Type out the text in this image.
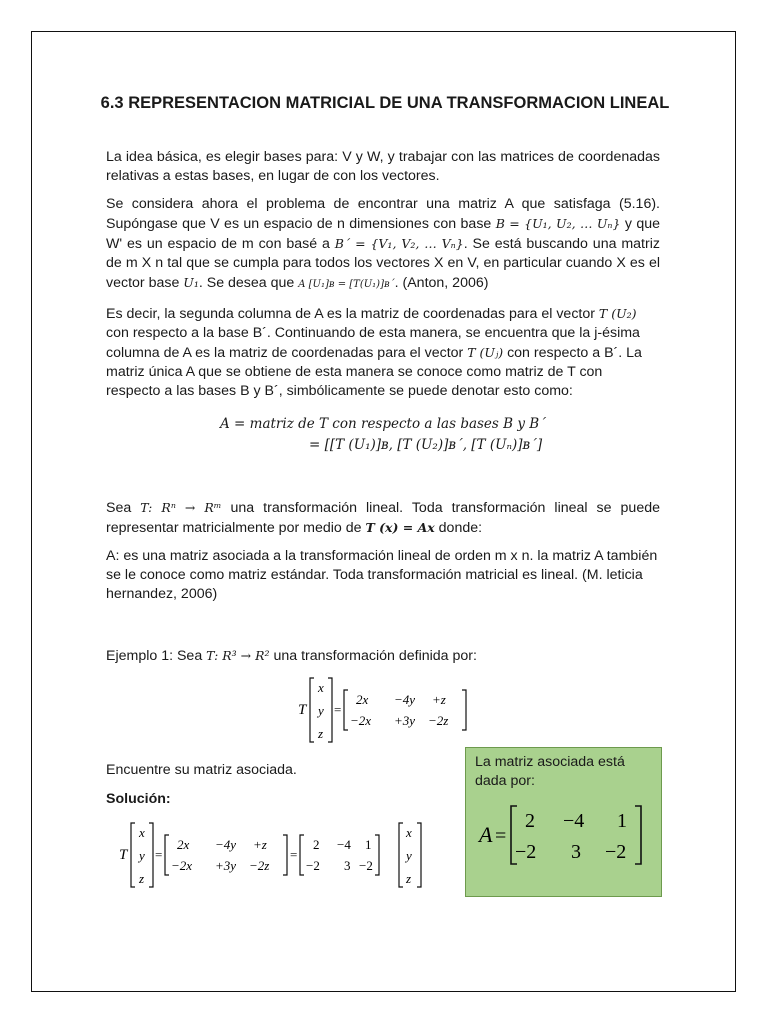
6.3 REPRESENTACION MATRICIAL DE UNA TRANSFORMACION LINEAL

La idea básica, es elegir bases para: V y W, y trabajar con las matrices de coordenadas relativas a estas bases, en lugar de con los vectores.

Se considera ahora el problema de encontrar una matriz A que satisfaga (5.16). Supóngase que V es un espacio de n dimensiones con base B = {U₁, U₂, … Uₙ} y que W' es un espacio de m con basé a B´ = {V₁, V₂, … Vₙ}. Se está buscando una matriz de m X n tal que se cumpla para todos los vectores X en V, en particular cuando X es el vector base U₁. Se desea que A [U₁]ʙ = [T(U₁)]ʙ´. (Anton, 2006)

Es decir, la segunda columna de A es la matriz de coordenadas para el vector T (U₂) con respecto a la base B´. Continuando de esta manera, se encuentra que la j-ésima columna de A es la matriz de coordenadas para el vector T (Uⱼ) con respecto a B´. La matriz única A que se obtiene de esta manera se conoce como matriz de T con respecto a las bases B y B´, simbólicamente se puede denotar esto como:

A = matriz de T con respecto a las bases B y B´
= [[T (U₁)]ʙ, [T (U₂)]ʙ´, [T (Uₙ)]ʙ´]

Sea T: Rⁿ → Rᵐ una transformación lineal. Toda transformación lineal se puede representar matricialmente por medio de T (x) = Ax donde:

A: es una matriz asociada a la transformación lineal de orden m x n. la matriz A también se le conoce como matriz estándar. Toda transformación matricial es lineal. (M. leticia hernandez, 2006)

Ejemplo 1: Sea T: R³ → R² una transformación definida por:

T
x
y
z
=
2x −4y +z
−2x +3y −2z

Encuentre su matriz asociada.

Solución:

T
x
y
z
=
2x −4y +z
−2x +3y −2z
=
2 −4 1
−2 3 −2
x
y
z
La matriz asociada está dada por:
A =
2 −4 1
−2 3 −2
